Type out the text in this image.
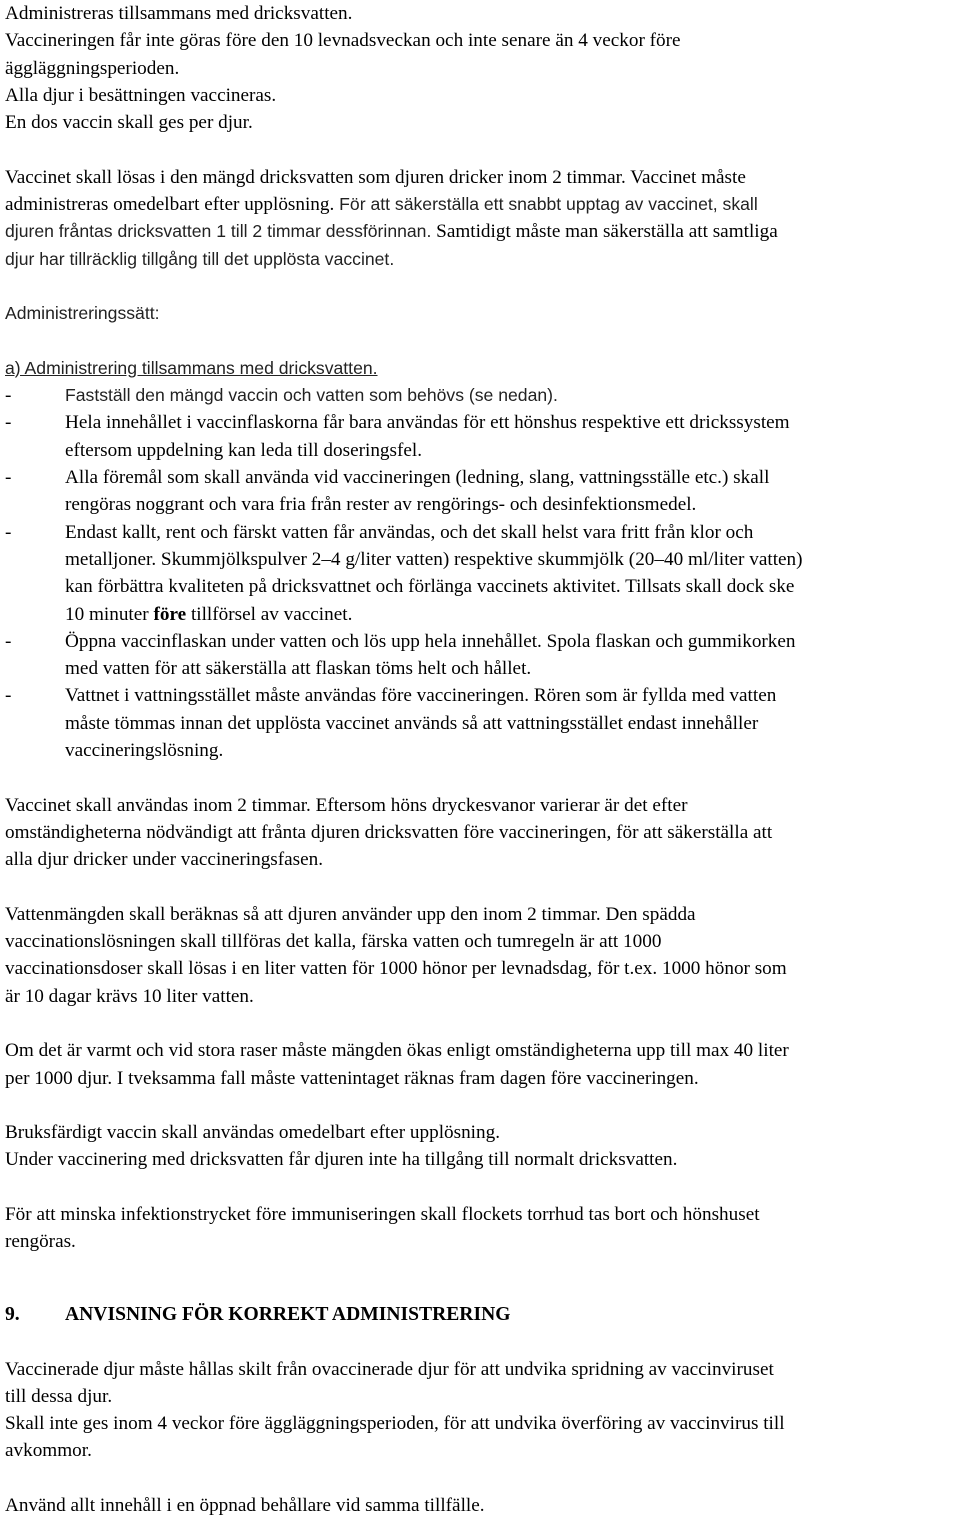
Administreras tillsammans med dricksvatten.
Vaccineringen får inte göras före den 10 levnadsveckan och inte senare än 4 veckor före
äggläggningsperioden.
Alla djur i besättningen vaccineras.
En dos vaccin skall ges per djur.
Vaccinet skall lösas i den mängd dricksvatten som djuren dricker inom 2 timmar. Vaccinet måste
administreras omedelbart efter upplösning. För att säkerställa ett snabbt upptag av vaccinet, skall
djuren fråntas dricksvatten 1 till 2 timmar dessförinnan. Samtidigt måste man säkerställa att samtliga
djur har tillräcklig tillgång till det upplösta vaccinet.
Administreringssätt:
a) Administrering tillsammans med dricksvatten.
-	Fastställ den mängd vaccin och vatten som behövs (se nedan).
-	Hela innehållet i vaccinflaskorna får bara användas för ett hönshus respektive ett drickssystem
eftersom uppdelning kan leda till doseringsfel.
-	Alla föremål som skall använda vid vaccineringen (ledning, slang, vattningsställe etc.) skall
rengöras noggrant och vara fria från rester av rengörings- och desinfektionsmedel.
-	Endast kallt, rent och färskt vatten får användas, och det skall helst vara fritt från klor och
metalljoner. Skummjölkspulver 2–4 g/liter vatten) respektive skummjölk (20–40 ml/liter vatten)
kan förbättra kvaliteten på dricksvattnet och förlänga vaccinets aktivitet. Tillsats skall dock ske
10 minuter före tillförsel av vaccinet.
-	Öppna vaccinflaskan under vatten och lös upp hela innehållet. Spola flaskan och gummikorken
med vatten för att säkerställa att flaskan töms helt och hållet.
-	Vattnet i vattningsstället måste användas före vaccineringen. Rören som är fyllda med vatten
måste tömmas innan det upplösta vaccinet används så att vattningsstället endast innehåller
vaccineringslösning.
Vaccinet skall användas inom 2 timmar. Eftersom höns dryckesvanor varierar är det efter
omständigheterna nödvändigt att frånta djuren dricksvatten före vaccineringen, för att säkerställa att
alla djur dricker under vaccineringsfasen.
Vattenmängden skall beräknas så att djuren använder upp den inom 2 timmar. Den spädda
vaccinationslösningen skall tillföras det kalla, färska vatten och tumregeln är att 1000
vaccinationsdoser skall lösas i en liter vatten för 1000 hönor per levnadsdag, för t.ex. 1000 hönor som
är 10 dagar krävs 10 liter vatten.
Om det är varmt och vid stora raser måste mängden ökas enligt omständigheterna upp till max 40 liter
per 1000 djur. I tveksamma fall måste vattenintaget räknas fram dagen före vaccineringen.
Bruksfärdigt vaccin skall användas omedelbart efter upplösning.
Under vaccinering med dricksvatten får djuren inte ha tillgång till normalt dricksvatten.
För att minska infektionstrycket före immuniseringen skall flockets torrhud tas bort och hönshuset
rengöras.
9.	ANVISNING FÖR KORREKT ADMINISTRERING
Vaccinerade djur måste hållas skilt från ovaccinerade djur för att undvika spridning av vaccinviruset
till dessa djur.
Skall inte ges inom 4 veckor före äggläggningsperioden, för att undvika överföring av vaccinvirus till
avkommor.
Använd allt innehåll i en öppnad behållare vid samma tillfälle.
